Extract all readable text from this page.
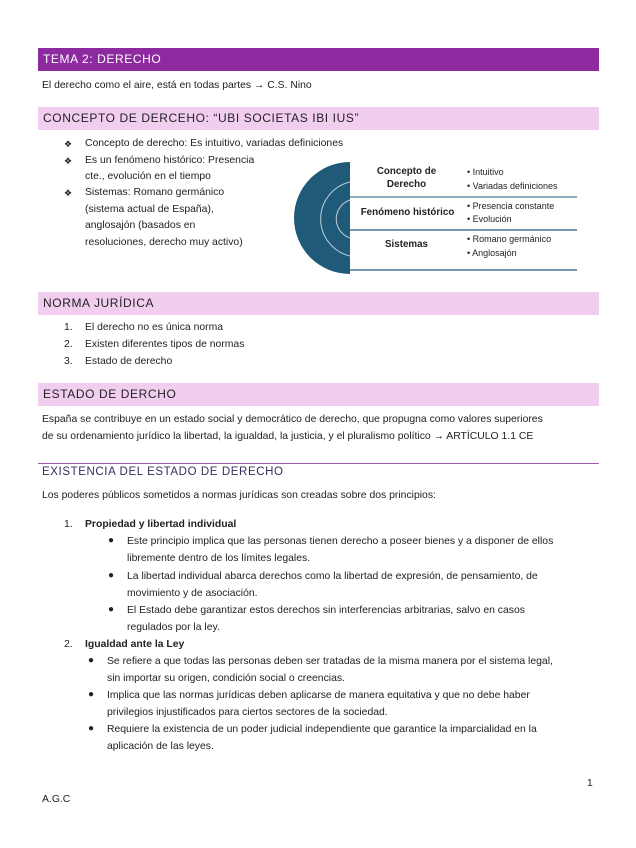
TEMA 2: DERECHO
El derecho como el aire, está en todas partes → C.S. Nino
CONCEPTO DE DERCEHO: “UBI SOCIETAS IBI IUS”
❖ Concepto de derecho: Es intuitivo, variadas definiciones
❖ Es un fenómeno histórico: Presencia
cte., evolución en el tiempo
❖ Sistemas: Romano germánico
(sistema actual de España),
anglosajón (basados en
resoluciones, derecho muy activo)
Concepto de
Derecho
• Intuitivo
• Variadas definiciones
Fenómeno histórico
• Presencia constante
• Evolución
Sistemas	• Romano germánico
• Anglosajón
NORMA JURÍDICA
1. El derecho no es única norma
2. Existen diferentes tipos de normas
3. Estado de derecho
ESTADO DE DERCHO
España se contribuye en un estado social y democrático de derecho, que propugna como valores superiores
de su ordenamiento jurídico la libertad, la igualdad, la justicia, y el pluralismo político → ARTÍCULO 1.1 CE
EXISTENCIA DEL ESTADO DE DERECHO
Los poderes públicos sometidos a normas jurídicas son creadas sobre dos principios:
1. Propiedad y libertad individual
● Este principio implica que las personas tienen derecho a poseer bienes y a disponer de ellos
libremente dentro de los límites legales.
● La libertad individual abarca derechos como la libertad de expresión, de pensamiento, de
movimiento y de asociación.
● El Estado debe garantizar estos derechos sin interferencias arbitrarias, salvo en casos
regulados por la ley.
2. Igualdad ante la Ley
● Se refiere a que todas las personas deben ser tratadas de la misma manera por el sistema legal,
sin importar su origen, condición social o creencias.
● Implica que las normas jurídicas deben aplicarse de manera equitativa y que no debe haber
privilegios injustificados para ciertos sectores de la sociedad.
● Requiere la existencia de un poder judicial independiente que garantice la imparcialidad en la
aplicación de las leyes.
1
A.G.C
